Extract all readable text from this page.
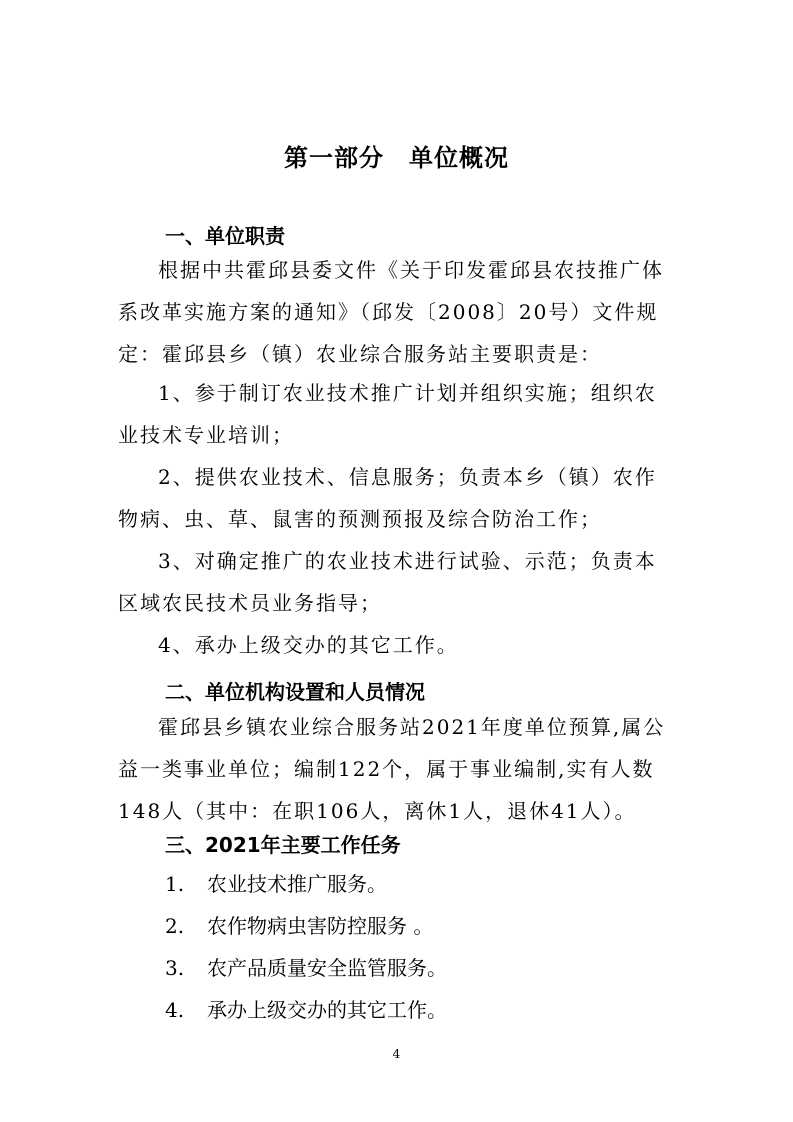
第一部分　单位概况
一、单位职责

根据中共霍邱县委文件《关于印发霍邱县农技推广体系改革实施方案的通知》（邱发〔2008〕20号）文件规定：霍邱县乡（镇）农业综合服务站主要职责是：

1、参于制订农业技术推广计划并组织实施；组织农业技术专业培训；

2、提供农业技术、信息服务；负责本乡（镇）农作物病、虫、草、鼠害的预测预报及综合防治工作；

3、对确定推广的农业技术进行试验、示范；负责本区域农民技术员业务指导；

4、承办上级交办的其它工作。

二、单位机构设置和人员情况

霍邱县乡镇农业综合服务站2021年度单位预算,属公益一类事业单位；编制122个，属于事业编制,实有人数148人（其中：在职106人，离休1人，退休41人）。

三、2021年主要工作任务
1. 农业技术推广服务。
2. 农作物病虫害防控服务 。
3. 农产品质量安全监管服务。
4. 承办上级交办的其它工作。
4
